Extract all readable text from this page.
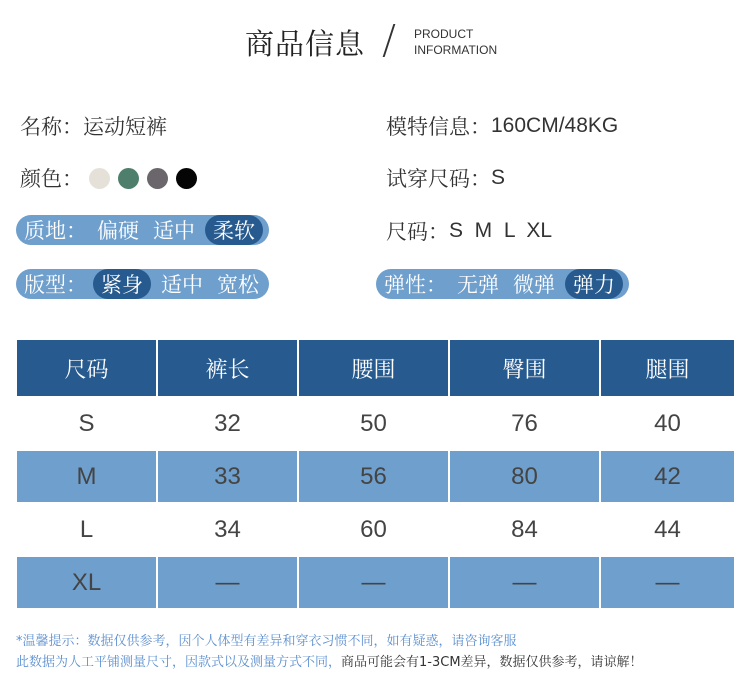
商品信息	PRODUCT
INFORMATION
名称： 运动短裤	模特信息： 160CM/48KG
颜色：	试穿尺码： S
质地： 偏硬 适中 柔软	尺码： S  M  L  XL
版型： 紧身 适中 宽松	弹性： 无弹 微弹 弹力
尺码	裤长	腰围	臀围	腿围
S	32	50	76	40
M	33	56	80	42
L	34	60	84	44
XL	—	—	—	—
*温馨提示：数据仅供参考，因个人体型有差异和穿衣习惯不同，如有疑惑，请咨询客服
此数据为人工平铺测量尺寸，因款式以及测量方式不同，商品可能会有1-3CM差异，数据仅供参考，请谅解！
